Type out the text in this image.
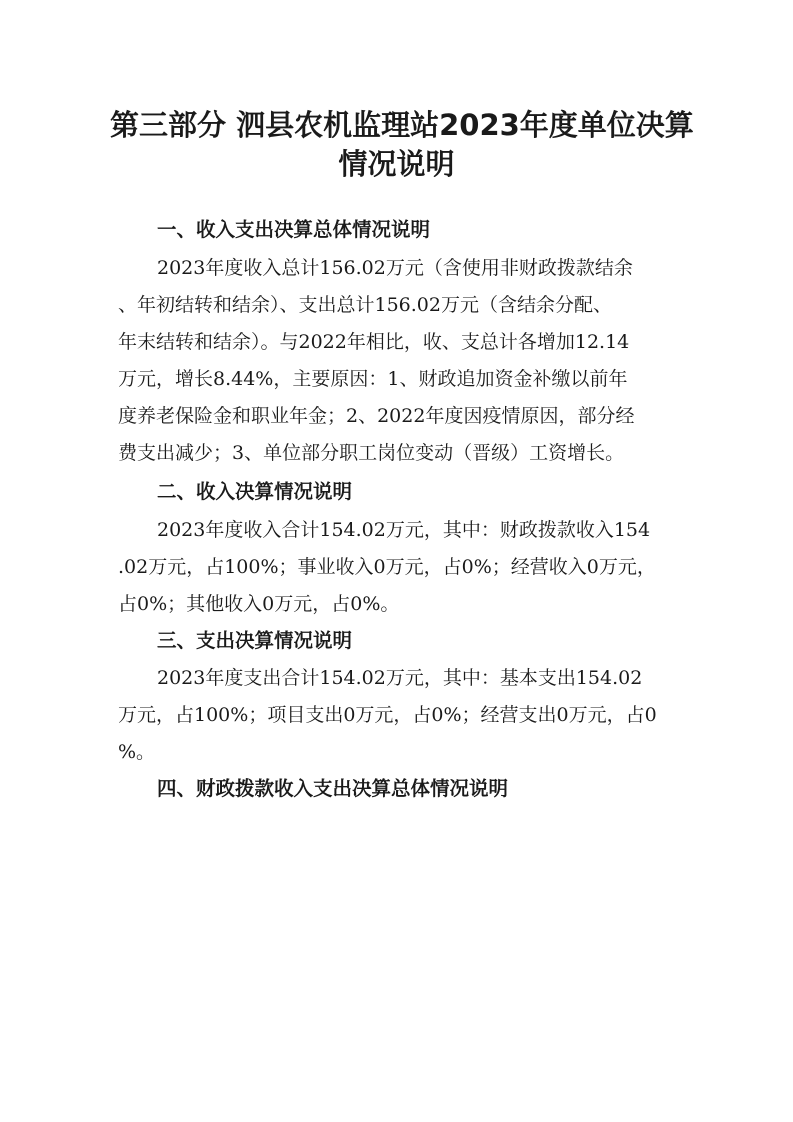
第三部分 泗县农机监理站2023年度单位决算
情况说明
一、收入支出决算总体情况说明

2023年度收入总计156.02万元（含使用非财政拨款结余

、年初结转和结余）、支出总计156.02万元（含结余分配、

年末结转和结余）。与2022年相比，收、支总计各增加12.14

万元，增长8.44%，主要原因：1、财政追加资金补缴以前年

度养老保险金和职业年金；2、2022年度因疫情原因，部分经

费支出减少；3、单位部分职工岗位变动（晋级）工资增长。

二、收入决算情况说明

2023年度收入合计154.02万元，其中：财政拨款收入154

.02万元，占100%；事业收入0万元，占0%；经营收入0万元，

占0%；其他收入0万元，占0%。

三、支出决算情况说明

2023年度支出合计154.02万元，其中：基本支出154.02

万元，占100%；项目支出0万元，占0%；经营支出0万元，占0

%。

四、财政拨款收入支出决算总体情况说明
